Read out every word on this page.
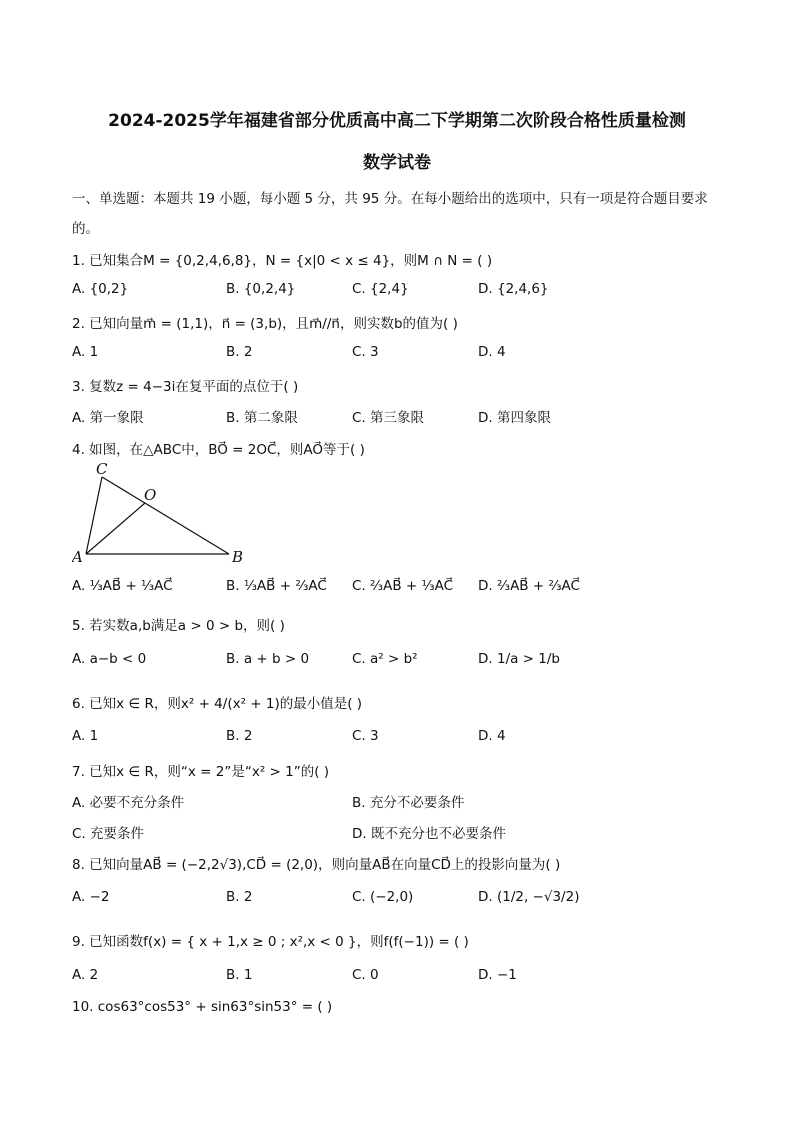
2024-2025学年福建省部分优质高中高二下学期第二次阶段合格性质量检测
数学试卷
一、单选题：本题共 19 小题，每小题 5 分，共 95 分。在每小题给出的选项中，只有一项是符合题目要求
的。
1. 已知集合M = {0,2,4,6,8}，N = {x|0 < x ≤ 4}，则M ∩ N = ( )
A. {0,2}	B. {0,2,4}	C. {2,4}	D. {2,4,6}
2. 已知向量m⃗ = (1,1)，n⃗ = (3,b)，且m⃗//n⃗，则实数b的值为( )
A. 1	B. 2	C. 3	D. 4
3. 复数z = 4−3i在复平面的点位于( )
A. 第一象限	B. 第二象限	C. 第三象限	D. 第四象限
4. 如图，在△ABC中，BO⃗ = 2OC⃗，则AO⃗等于( )
C
O
A	B
A. ⅓AB⃗ + ⅓AC⃗	B. ⅓AB⃗ + ⅔AC⃗ C. ⅔AB⃗ + ⅓AC⃗ D. ⅔AB⃗ + ⅔AC⃗
5. 若实数a,b满足a > 0 > b，则( )
A. a−b < 0	B. a + b > 0	C. a² > b²	D. 1/a > 1/b
6. 已知x ∈ R，则x² + 4/(x² + 1)的最小值是( )
A. 1	B. 2	C. 3	D. 4
7. 已知x ∈ R，则“x = 2”是“x² > 1”的( )
A. 必要不充分条件	B. 充分不必要条件
C. 充要条件	D. 既不充分也不必要条件
8. 已知向量AB⃗ = (−2,2√3),CD⃗ = (2,0)，则向量AB⃗在向量CD⃗上的投影向量为( )
A. −2	B. 2	C. (−2,0)	D. (1/2, −√3/2)
9. 已知函数f(x) = { x + 1,x ≥ 0 ; x²,x < 0 }，则f(f(−1)) = ( )
A. 2	B. 1	C. 0	D. −1
10. cos63°cos53° + sin63°sin53° = ( )
